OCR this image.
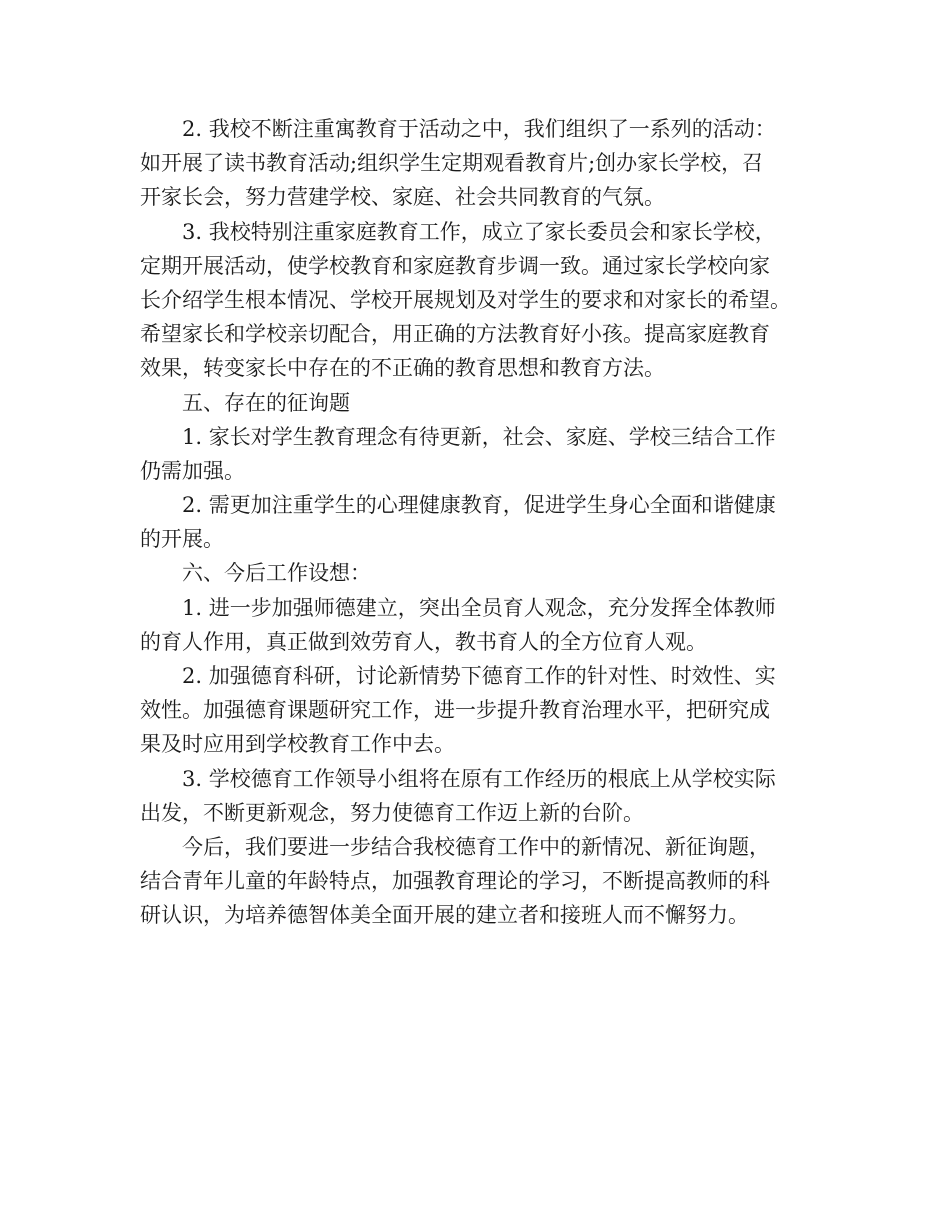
2. 我校不断注重寓教育于活动之中，我们组织了一系列的活动：
如开展了读书教育活动;组织学生定期观看教育片;创办家长学校，召
开家长会，努力营建学校、家庭、社会共同教育的气氛。
3. 我校特别注重家庭教育工作，成立了家长委员会和家长学校，
定期开展活动，使学校教育和家庭教育步调一致。通过家长学校向家
长介绍学生根本情况、学校开展规划及对学生的要求和对家长的希望。
希望家长和学校亲切配合，用正确的方法教育好小孩。提高家庭教育
效果，转变家长中存在的不正确的教育思想和教育方法。
五、存在的征询题
1. 家长对学生教育理念有待更新，社会、家庭、学校三结合工作
仍需加强。
2. 需更加注重学生的心理健康教育，促进学生身心全面和谐健康
的开展。
六、今后工作设想：
1. 进一步加强师德建立，突出全员育人观念，充分发挥全体教师
的育人作用，真正做到效劳育人，教书育人的全方位育人观。
2. 加强德育科研，讨论新情势下德育工作的针对性、时效性、实
效性。加强德育课题研究工作，进一步提升教育治理水平，把研究成
果及时应用到学校教育工作中去。
3. 学校德育工作领导小组将在原有工作经历的根底上从学校实际
出发，不断更新观念，努力使德育工作迈上新的台阶。
今后，我们要进一步结合我校德育工作中的新情况、新征询题，
结合青年儿童的年龄特点，加强教育理论的学习，不断提高教师的科
研认识，为培养德智体美全面开展的建立者和接班人而不懈努力。
